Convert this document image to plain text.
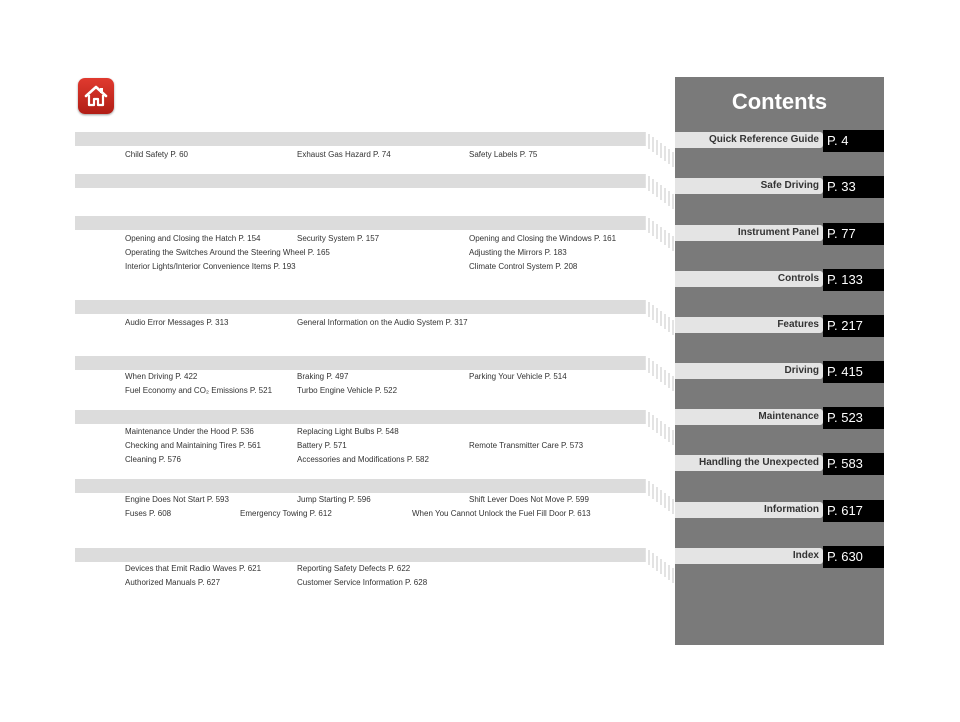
Child Safety P. 60	Exhaust Gas Hazard P. 74	Safety Labels P. 75
Opening and Closing the Hatch P. 154	Security System P. 157	Opening and Closing the Windows P. 161
Operating the Switches Around the Steering Wheel P. 165	Adjusting the Mirrors P. 183
Interior Lights/Interior Convenience Items P. 193	Climate Control System P. 208
Audio Error Messages P. 313	General Information on the Audio System P. 317
When Driving P. 422	Braking P. 497	Parking Your Vehicle P. 514
Fuel Economy and CO₂ Emissions P. 521	Turbo Engine Vehicle P. 522
Maintenance Under the Hood P. 536	Replacing Light Bulbs P. 548
Checking and Maintaining Tires P. 561	Battery P. 571	Remote Transmitter Care P. 573
Cleaning P. 576	Accessories and Modifications P. 582
Engine Does Not Start P. 593	Jump Starting P. 596	Shift Lever Does Not Move P. 599
Fuses P. 608	Emergency Towing P. 612	When You Cannot Unlock the Fuel Fill Door P. 613
Devices that Emit Radio Waves P. 621	Reporting Safety Defects P. 622
Authorized Manuals P. 627	Customer Service Information P. 628
Contents
Quick Reference Guide P. 4
Safe Driving P. 33
Instrument Panel P. 77
Controls P. 133
Features P. 217
Driving P. 415
Maintenance P. 523
Handling the Unexpected P. 583
Information P. 617
Index P. 630
